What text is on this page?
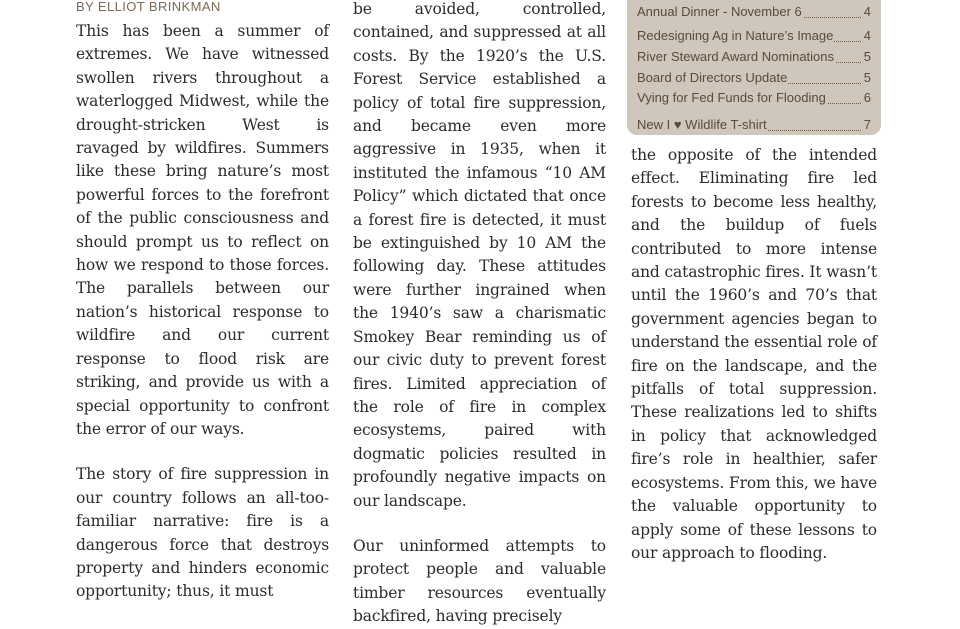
BY ELLIOT BRINKMAN

This has been a summer of extremes. We have witnessed swollen rivers throughout a waterlogged Midwest, while the drought-stricken West is ravaged by wildfires. Summers like these bring nature’s most powerful forces to the forefront of the public consciousness and should prompt us to reflect on how we respond to those forces. The parallels between our nation’s historical response to wildfire and our current response to flood risk are striking, and provide us with a special opportunity to confront the error of our ways.

The story of fire suppression in our country follows an all-too-familiar narrative: fire is a dangerous force that destroys property and hinders economic opportunity; thus, it must

be avoided, controlled, contained, and suppressed at all costs. By the 1920’s the U.S. Forest Service established a policy of total fire suppression, and became even more aggressive in 1935, when it instituted the infamous “10 AM Policy” which dictated that once a forest fire is detected, it must be extinguished by 10 AM the following day. These attitudes were further ingrained when the 1940’s saw a charismatic Smokey Bear reminding us of our civic duty to prevent forest fires. Limited appreciation of the role of fire in complex ecosystems, paired with dogmatic policies resulted in profoundly negative impacts on our landscape.

Our uninformed attempts to protect people and valuable timber resources eventually backfired, having precisely

Annual Dinner - November 6	4
Redesigning Ag in Nature’s Image 4
River Steward Award Nominations 5
Board of Directors Update	5
Vying for Fed Funds for Flooding	6
New I ♥ Wildlife T-shirt	7

the opposite of the intended effect. Eliminating fire led forests to become less healthy, and the buildup of fuels contributed to more intense and catastrophic fires. It wasn’t until the 1960’s and 70’s that government agencies began to understand the essential role of fire on the landscape, and the pitfalls of total suppression. These realizations led to shifts in policy that acknowledged fire’s role in healthier, safer ecosystems. From this, we have the valuable opportunity to apply some of these lessons to our approach to flooding.
